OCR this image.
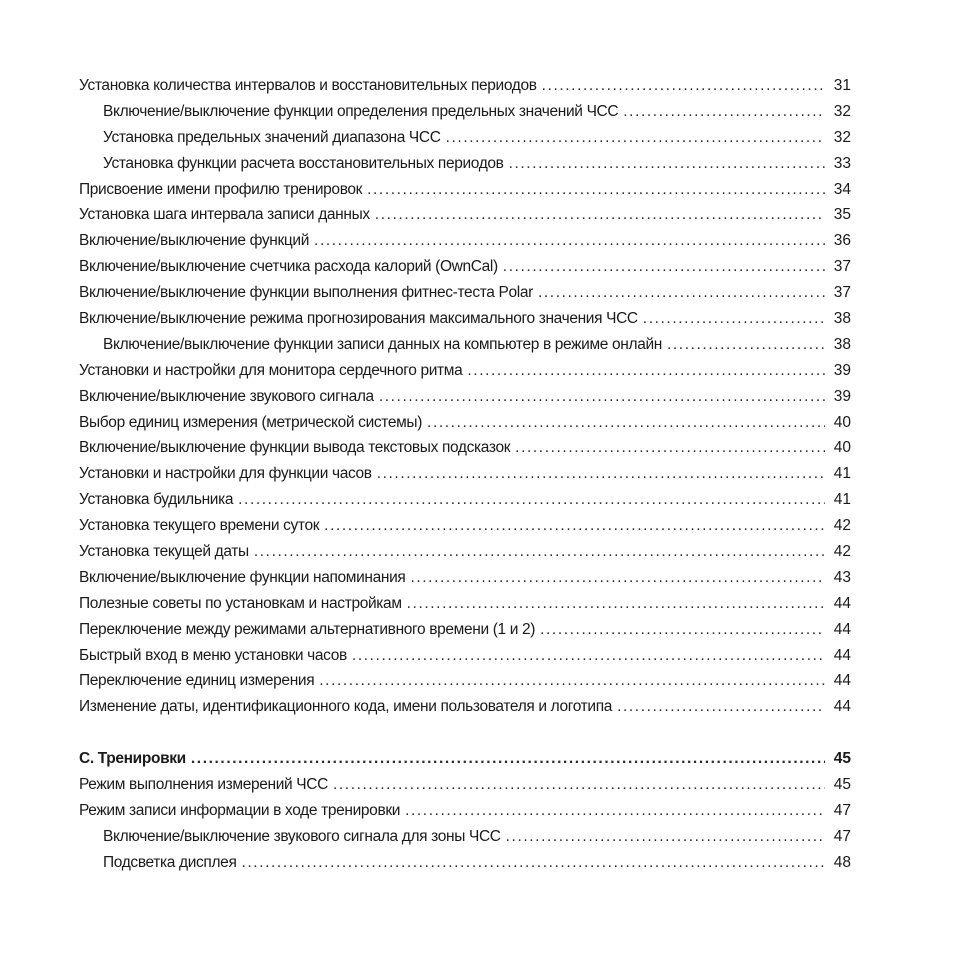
Установка количества интервалов и восстановительных периодов .....	31
Включение/выключение функции определения предельных значений ЧСС .....	32
Установка предельных значений диапазона ЧСС .....	32
Установка функции расчета восстановительных периодов .....	33
Присвоение имени профилю тренировок .....	34
Установка шага интервала записи данных .....	35
Включение/выключение функций .....	36
Включение/выключение счетчика расхода калорий (OwnCal) .....	37
Включение/выключение функции выполнения фитнес-теста Polar .....	37
Включение/выключение режима прогнозирования максимального значения ЧСС .....	38
Включение/выключение функции записи данных на компьютер в режиме онлайн .....	38
Установки и настройки для монитора сердечного ритма .....	39
Включение/выключение звукового сигнала .....	39
Выбор единиц измерения (метрической системы) .....	40
Включение/выключение функции вывода текстовых подсказок .....	40
Установки и настройки для функции часов .....	41
Установка будильника .....	41
Установка текущего времени суток .....	42
Установка текущей даты .....	42
Включение/выключение функции напоминания .....	43
Полезные советы по установкам и настройкам .....	44
Переключение между режимами альтернативного времени (1 и 2) .....	44
Быстрый вход в меню установки часов .....	44
Переключение единиц измерения .....	44
Изменение даты, идентификационного кода, имени пользователя и логотипа .....	44
C. Тренировки .....	45
Режим выполнения измерений ЧСС .....	45
Режим записи информации в ходе тренировки .....	47
Включение/выключение звукового сигнала для зоны ЧСС .....	47
Подсветка дисплея .....	48
